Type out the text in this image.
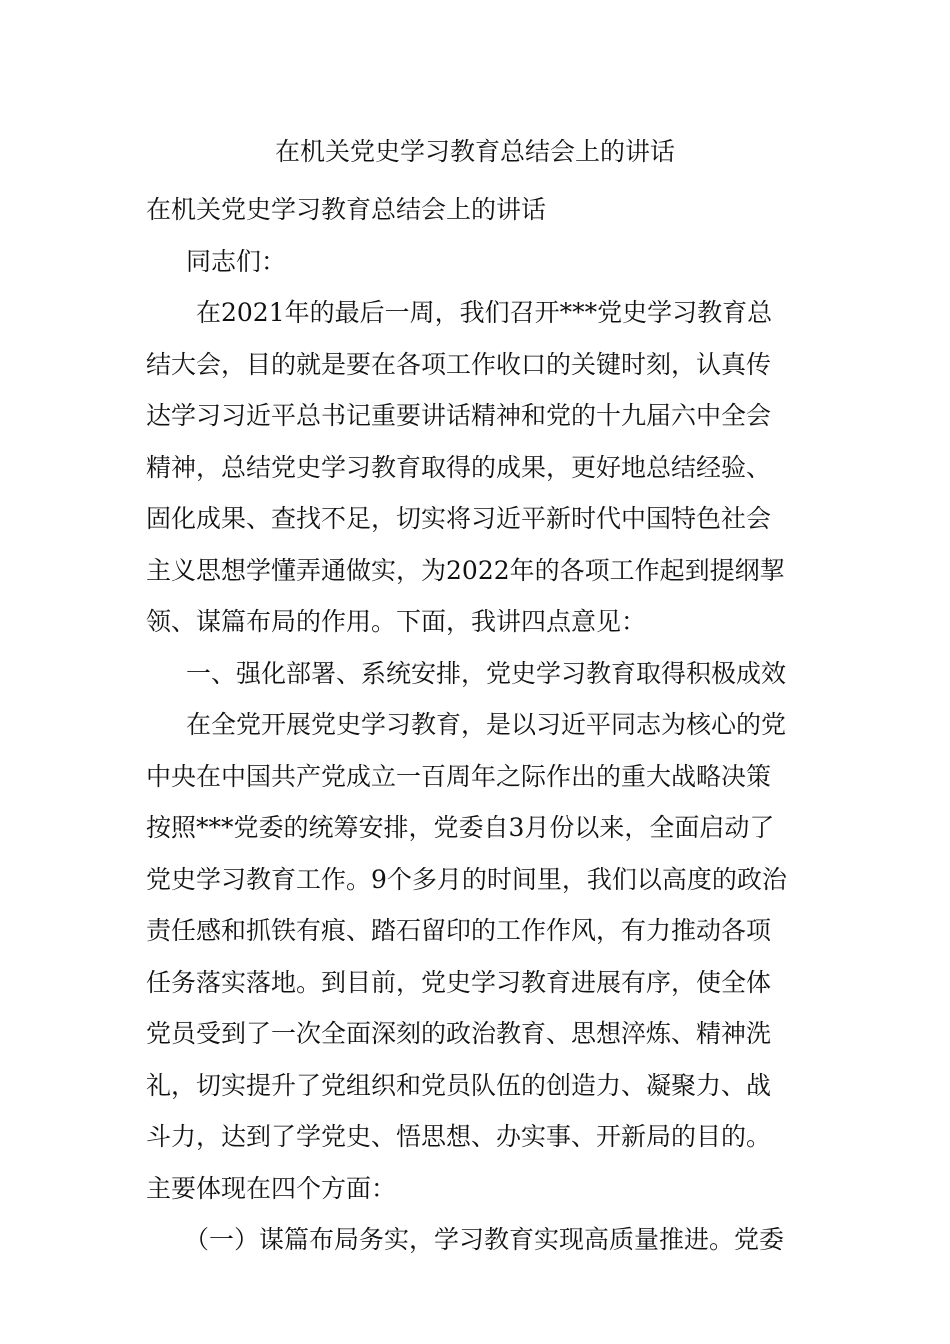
在机关党史学习教育总结会上的讲话
在机关党史学习教育总结会上的讲话
同志们：
在2021年的最后一周，我们召开***党史学习教育总
结大会，目的就是要在各项工作收口的关键时刻，认真传
达学习习近平总书记重要讲话精神和党的十九届六中全会
精神，总结党史学习教育取得的成果，更好地总结经验、
固化成果、查找不足，切实将习近平新时代中国特色社会
主义思想学懂弄通做实，为2022年的各项工作起到提纲挈
领、谋篇布局的作用。下面，我讲四点意见：
一、强化部署、系统安排，党史学习教育取得积极成效
在全党开展党史学习教育，是以习近平同志为核心的党
中央在中国共产党成立一百周年之际作出的重大战略决策
按照***党委的统筹安排，党委自3月份以来，全面启动了
党史学习教育工作。9个多月的时间里，我们以高度的政治
责任感和抓铁有痕、踏石留印的工作作风，有力推动各项
任务落实落地。到目前，党史学习教育进展有序，使全体
党员受到了一次全面深刻的政治教育、思想淬炼、精神洗
礼，切实提升了党组织和党员队伍的创造力、凝聚力、战
斗力，达到了学党史、悟思想、办实事、开新局的目的。
主要体现在四个方面：
（一）谋篇布局务实，学习教育实现高质量推进。党委
